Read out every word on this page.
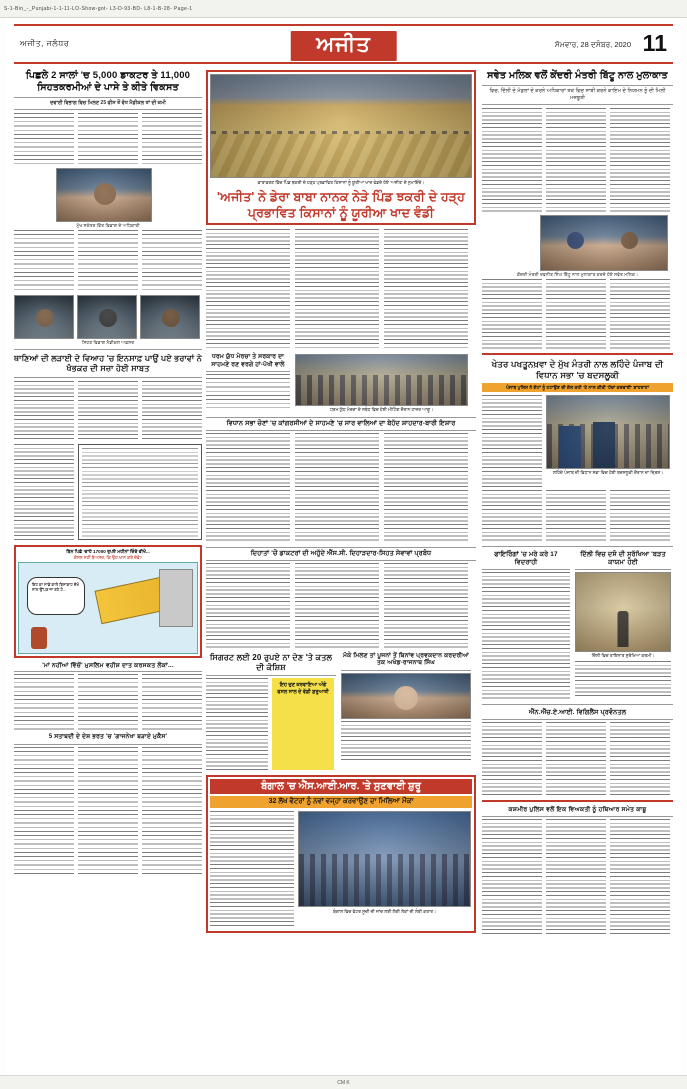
S-1-Bin_-_Punjabi-1-1-11-LO-Show-got- L3-D-93-BD- L8-1-B-28- Page-1
ਅਜੀਤ, ਜਲੰਧਰ	ਅਜੀਤ	ਸੋਮਵਾਰ, 28 ਦਸੰਬਰ, 2020 11
ਪਿਛਲੇ 2 ਸਾਲਾਂ 'ਚ 5,000 ਡਾਕਟਰ ਤੇ 11,000 ਸਿਹਤਕਰਮੀਆਂ ਦੇ ਪਾਸੇ ਤੇ ਕੀਤੇ ਵਿਕਸਤ
ਦਵਾਈ ਵਿਭਾਗ ਵਿਚ ਮਿਲਣ 25 ਫੀਸ ਤੋਂ ਵੱਧ ਮੈਡੀਕਲ ਤਾਂ ਦੀ ਕਮੀ
ਮੁੱਖ ਸਕੱਤਰ ਵਿੱਤ ਵਿਭਾਗ ਦੇ ਅਧਿਕਾਰੀ
ਸਿਹਤ ਵਿਭਾਗ ਮੈਡੀਕਲ ਅਫ਼ਸਰ
ਥਾਣਿਆਂ ਦੀ ਲੜਾਈ ਦੇ ਵਿਆਹ 'ਚ ਇਨਸਾਫ਼ ਪਾਉਂ ਪਏ ਭਰਾਵਾਂ ਨੇ ਖੰਭਕਰ ਦੀ ਸਜ਼ਾ ਹੋਈ ਸਾਬਤ
ਬਿਨ ਪਿਛੇ 'ਚਾਹੇ 17000 ਰੁਪਏ ਮਹੀਨਾਂ ਦਿੰਦੇ ਵੀਖੋ...
ਕੋਸਨ ਨਹੀਂ ਬੇਅਸਰ, ਕਿ ਉਹ ਖ਼ਾਨ ਕਰੋ ਦੇਵੋ?
ਇਹ ਕਾ ਸਾਡੇ ਕਾਲੇ ਬਿਨਾਬਾਹ ਦੇਖੋ ਨਾਲ ਉੱਪਰ ਜਾ ਰਹੇ ਹੋ...
'ਮਾਂ ਨਹੀਂਆਂ ਵਿੱਚੋਂ' ਮੁਸਲਿਮ ਵਹੀਸ਼ ਦਾਤ ਕਰਸਕਤ ਲੋਕਾਂ...
5 ਸਤਾਬਦੀ ਦੇ ਦੇਸ਼ ਭਰਤ 'ਚ 'ਗਾਜਨੇਖਾ ਬੜਾਏ ਮੁਕੈਸ'
ਵਾਤਾਵਰਣ ਵਿੱਚ ਪਿੰਡ ਝਕਰੀ ਦੇ ਹੜ੍ਹ ਪ੍ਰਭਾਵਿਤ ਕਿਸਾਨਾਂ ਨੂੰ ਯੂਰੀਆ ਖਾਦ ਵੰਡਦੇ ਹੋਏ 'ਅਜੀਤ' ਦੇ ਨੁਮਾਇੰਦੇ।
'ਅਜੀਤ' ਨੇ ਡੇਰਾ ਬਾਬਾ ਨਾਨਕ ਨੇੜੇ ਪਿੰਡ ਝਕਰੀ ਦੇ ਹੜ੍ਹ ਪ੍ਰਭਾਵਿਤ ਕਿਸਾਨਾਂ ਨੂੰ ਯੂਰੀਆ ਖਾਦ ਵੰਡੀ
ਧਰਮ ਯੁੱਧ ਮੋਰਚਾ ਤੇ ਸਰਕਾਰ ਦਾ ਸਾਹਮਣੇ ਰਣ ਵਰਗੇ ਹਾਂ-ਪੱਖੀ ਵਾਲੇ
ਧਰਮ ਯੁੱਧ ਮੋਰਚਾ ਦੇ ਸਬੰਧ ਵਿਚ ਹੋਈ ਮੀਟਿੰਗ ਦੌਰਾਨ ਹਾਜ਼ਰ ਆਗੂ।
ਵਿਧਾਨ ਸਭਾ ਚੋਣਾਂ 'ਚ ਕਾਂਗਰਸੀਆਂ ਦੇ ਸਾਹਮਣੇ 'ਚ ਸਾਰ ਵਾਲਿਆਂ ਦਾ ਬੇਹੱਦ ਸ਼ਾਹਦਾਰ-ਬਾਰੀ ਇਸ਼ਾਰ
ਦਿਹਾਤਾਂ 'ਚੋਂ ਡਾਕਟਰਾਂ ਦੀ ਅਹੁੱਦੇ ਐੱਸ.ਸੀ. ਦਿਹਾੜਦਾਰ-ਸਿਹਤ ਸੇਵਾਵਾਂ ਪ੍ਰਬੰਧ
ਸਿਗਰਟ ਲਈ 20 ਰੁਪਏ ਨਾ ਦੇਣ 'ਤੇ ਕਤਲ ਦੀ ਕੋਸ਼ਿਸ਼
ਇਹ ਚੁਣ ਕਰਵਾਇਆ ਅੱਗੇ ਫਸਲ ਸਾਲ ਦੇ ਵੱਡੀ ਸ਼ੁਰੂਆਤੀ
ਮੱਕੇ ਮਿਲਣ ਤਾਂ ਪੂਜਨਾਂ ਤੋਂ ਬਿਨਾਂਵ ਪ੍ਰਵਕਦਾਨ ਕਰਦਰੀਆਂ ਤਕ ਅਖੰਡ-ਰਾਜਨਾਥ ਸਿੰਘ
ਬੰਗਾਲ 'ਚ ਐੱਸ.ਆਈ.ਆਰ. 'ਤੇ ਸੁਣਵਾਈ ਸ਼ੁਰੂ
32 ਲੱਖ ਵੋਟਰਾਂ ਨੂੰ ਨਵਾਂ ਵਜ੍ਹਾ ਕਰਵਾਉਣ ਦਾ ਮਿਲਿਆ ਮੌਕਾ
ਬੰਗਾਲ ਵਿਚ ਵੋਟਰ ਸੂਚੀ ਦੀ ਜਾਂਚ ਲਈ ਲੱਗੀ ਲੋਕਾਂ ਦੀ ਲੰਬੀ ਕਤਾਰ।
ਸਵੇਤ ਮਲਿਕ ਵਲੋਂ ਕੇਂਦਰੀ ਮੰਤਰੀ ਬਿੱਟੂ ਨਾਲ ਮੁਲਾਕਾਤ
ਵਿਚ, ਦਿੱਲੀ ਦੇ ਮੰਡਲਾਂ ਦੇ ਕਰਨੇ ਅਧਿਕਾਰਾਂ ਤਕ ਵਿਚ ਸਾਬੀ ਕਰਨੇ ਕਾਇਮ ਦੇ ਨਿਯਮਨ ਨੂੰ ਦੀ ਮਿਲੀ ਮਜ਼ਬੂਤੀ
ਕੇਂਦਰੀ ਮੰਤਰੀ ਰਵਨੀਤ ਸਿੰਘ ਬਿੱਟੂ ਨਾਲ ਮੁਲਾਕਾਤ ਕਰਦੇ ਹੋਏ ਸਵੇਤ ਮਲਿਕ।
ਖੇਤਰ ਪਖਤੂਨਖ਼ਵਾ ਦੇ ਮੁੱਖ ਮੰਤਰੀ ਨਾਲ ਲਹਿੰਦੇ ਪੰਜਾਬ ਦੀ ਵਿਧਾਨ ਸਭਾ 'ਚ ਬਦਸਲੂਕੀ
ਪੰਜਾਬ ਪੁਲਿਸ ਨੇ ਗੇਟਾਂ ਨੂੰ ਹਟਾਉਣ ਦੀ ਗੱਲ ਕਹੀ 'ਤੇ ਨਾਲ ਕੀਤੀ 'ਹੱਦਾਂ ਕਰਵਾਈ' ਸ਼ਾਹਰਾਹਾਂ
ਲਹਿੰਦੇ ਪੰਜਾਬ ਦੀ ਵਿਧਾਨ ਸਭਾ ਵਿਚ ਹੋਈ ਬਦਸਲੂਕੀ ਦੌਰਾਨ ਦਾ ਦ੍ਰਿਸ਼।
ਫਾਇਰਿੰਗਾਂ 'ਚ ਮਰੇ ਕਰੇ 17 ਵਿਦਰਾਹੀ
ਦਿੱਲੀ ਵਿਚ ਦਸੰ ਦੀ ਸੁਰੱਖਿਆ 'ਬੜਤ ਕਾਯਮ' ਹੋਈ
ਦਿੱਲੀ ਵਿਚ ਤਾਇਨਾਤ ਸੁਰੱਖਿਆ ਕਰਮੀ।
ਐੱਨ.ਐੱਚ.ਏ.ਆਈ. ਵਿਗਿਲੈਂਸ ਪ੍ਰਵੰਨਤਲ
ਕਸ਼ਮੀਰ ਪੁਲਿਸ ਵਲੋਂ ਇਕ ਵਿਅਕਤੀ ਨੂੰ ਹਥਿਆਰ ਸਮੇਤ ਕਾਬੂ
CM K
